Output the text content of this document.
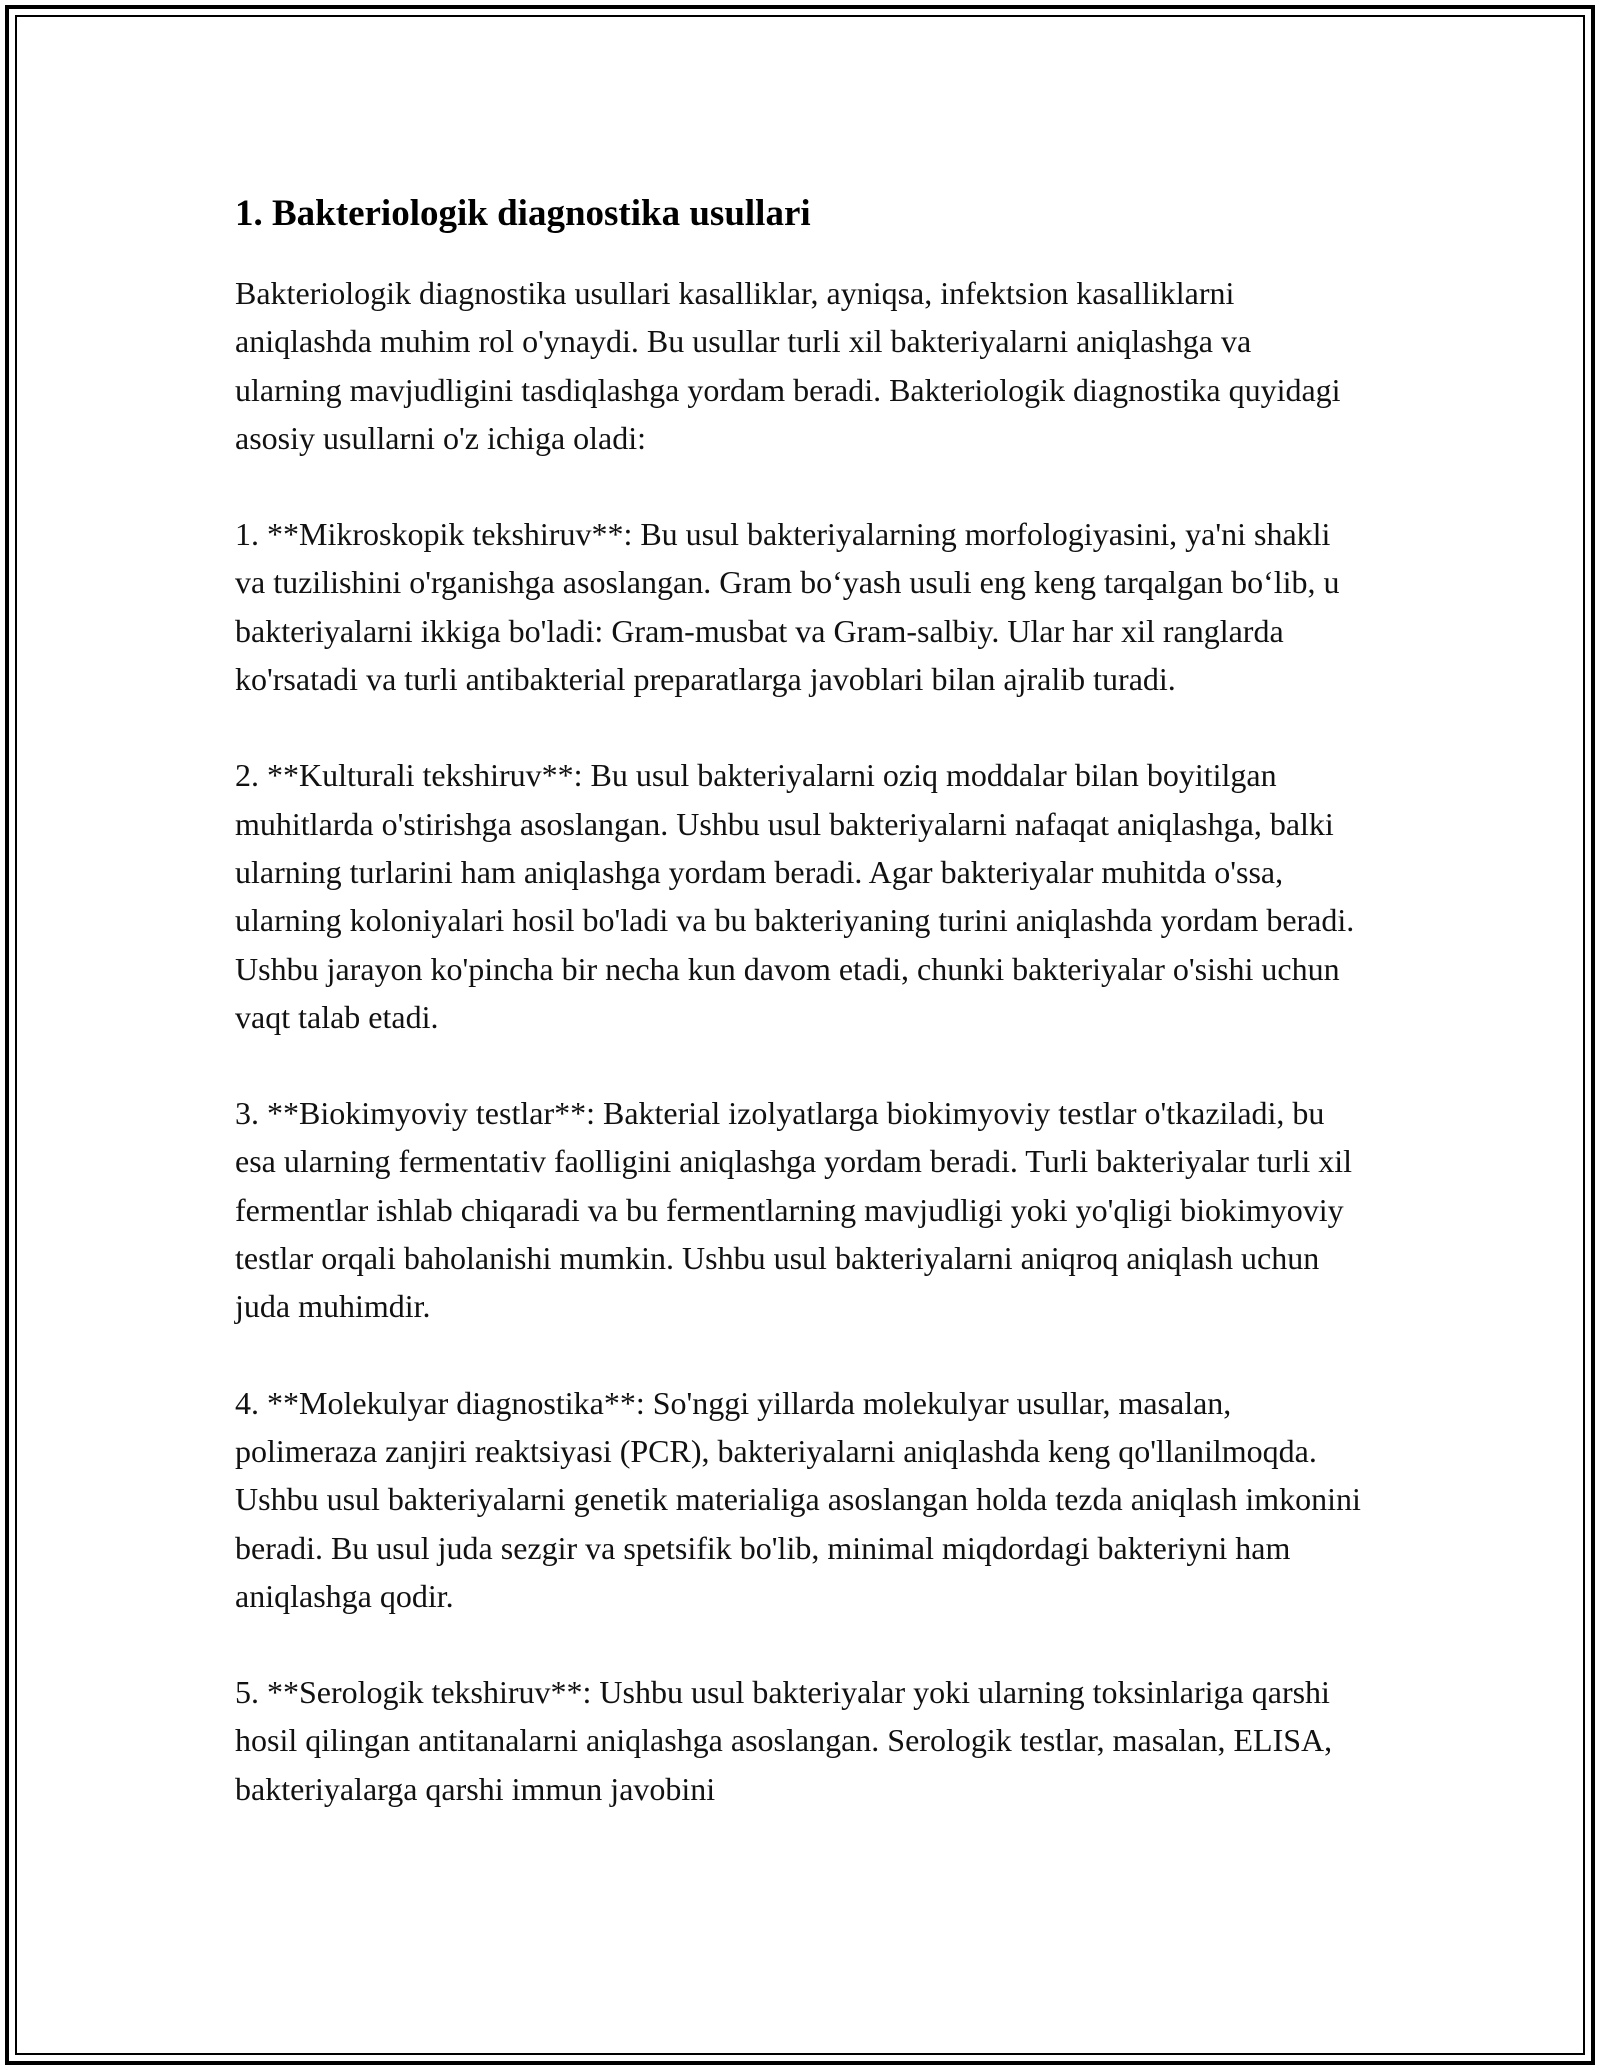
1. Bakteriologik diagnostika usullari

Bakteriologik diagnostika usullari kasalliklar, ayniqsa, infektsion kasalliklarni aniqlashda muhim rol o'ynaydi. Bu usullar turli xil bakteriyalarni aniqlashga va ularning mavjudligini tasdiqlashga yordam beradi. Bakteriologik diagnostika quyidagi asosiy usullarni o'z ichiga oladi:

1. **Mikroskopik tekshiruv**: Bu usul bakteriyalarning morfologiyasini, ya'ni shakli va tuzilishini o'rganishga asoslangan. Gram bo‘yash usuli eng keng tarqalgan bo‘lib, u bakteriyalarni ikkiga bo'ladi: Gram-musbat va Gram-salbiy. Ular har xil ranglarda ko'rsatadi va turli antibakterial preparatlarga javoblari bilan ajralib turadi.

2. **Kulturali tekshiruv**: Bu usul bakteriyalarni oziq moddalar bilan boyitilgan muhitlarda o'stirishga asoslangan. Ushbu usul bakteriyalarni nafaqat aniqlashga, balki ularning turlarini ham aniqlashga yordam beradi. Agar bakteriyalar muhitda o'ssa, ularning koloniyalari hosil bo'ladi va bu bakteriyaning turini aniqlashda yordam beradi. Ushbu jarayon ko'pincha bir necha kun davom etadi, chunki bakteriyalar o'sishi uchun vaqt talab etadi.

3. **Biokimyoviy testlar**: Bakterial izolyatlarga biokimyoviy testlar o'tkaziladi, bu esa ularning fermentativ faolligini aniqlashga yordam beradi. Turli bakteriyalar turli xil fermentlar ishlab chiqaradi va bu fermentlarning mavjudligi yoki yo'qligi biokimyoviy testlar orqali baholanishi mumkin. Ushbu usul bakteriyalarni aniqroq aniqlash uchun juda muhimdir.

4. **Molekulyar diagnostika**: So'nggi yillarda molekulyar usullar, masalan, polimeraza zanjiri reaktsiyasi (PCR), bakteriyalarni aniqlashda keng qo'llanilmoqda. Ushbu usul bakteriyalarni genetik materialiga asoslangan holda tezda aniqlash imkonini beradi. Bu usul juda sezgir va spetsifik bo'lib, minimal miqdordagi bakteriyni ham aniqlashga qodir.

5. **Serologik tekshiruv**: Ushbu usul bakteriyalar yoki ularning toksinlariga qarshi hosil qilingan antitanalarni aniqlashga asoslangan. Serologik testlar, masalan, ELISA, bakteriyalarga qarshi immun javobini
